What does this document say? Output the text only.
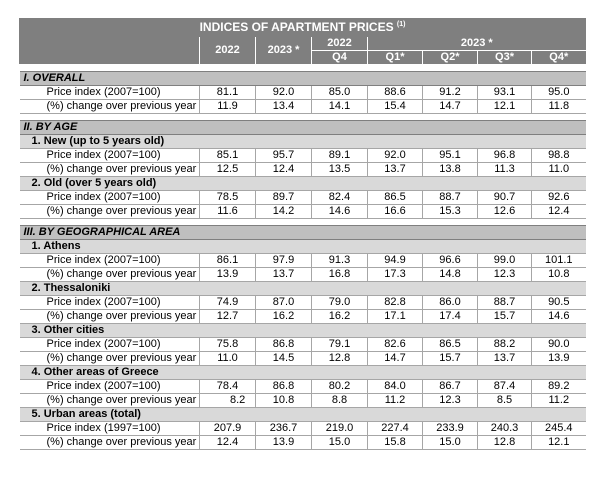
INDICES OF APARTMENT PRICES $^{(1)}$
	2022	2023 *	2022	2023 *			
			Q4	Q1*	Q2*	Q3*	Q4*

I. OVERALL							
Price index (2007=100)	81.1	92.0	85.0	88.6	91.2	93.1	95.0
(%) change over previous year	11.9	13.4	14.1	15.4	14.7	12.1	11.8

II. BY AGE							
1. New (up to 5 years old)							
Price index (2007=100)	85.1	95.7	89.1	92.0	95.1	96.8	98.8
(%) change over previous year	12.5	12.4	13.5	13.7	13.8	11.3	11.0
2. Old (over 5 years old)							
Price index (2007=100)	78.5	89.7	82.4	86.5	88.7	90.7	92.6
(%) change over previous year	11.6	14.2	14.6	16.6	15.3	12.6	12.4

III. BY GEOGRAPHICAL AREA							
1. Athens							
Price index (2007=100)	86.1	97.9	91.3	94.9	96.6	99.0	101.1
(%) change over previous year	13.9	13.7	16.8	17.3	14.8	12.3	10.8
2. Thessaloniki							
Price index (2007=100)	74.9	87.0	79.0	82.8	86.0	88.7	90.5
(%) change over previous year	12.7	16.2	16.2	17.1	17.4	15.7	14.6
3. Other cities							
Price index (2007=100)	75.8	86.8	79.1	82.6	86.5	88.2	90.0
(%) change over previous year	11.0	14.5	12.8	14.7	15.7	13.7	13.9
4. Other areas of Greece							
Price index (2007=100)	78.4	86.8	80.2	84.0	86.7	87.4	89.2
(%) change over previous year	8.2	10.8	8.8	11.2	12.3	8.5	11.2
5. Urban areas (total)							
Price index (1997=100)	207.9	236.7	219.0	227.4	233.9	240.3	245.4
(%) change over previous year	12.4	13.9	15.0	15.8	15.0	12.8	12.1
